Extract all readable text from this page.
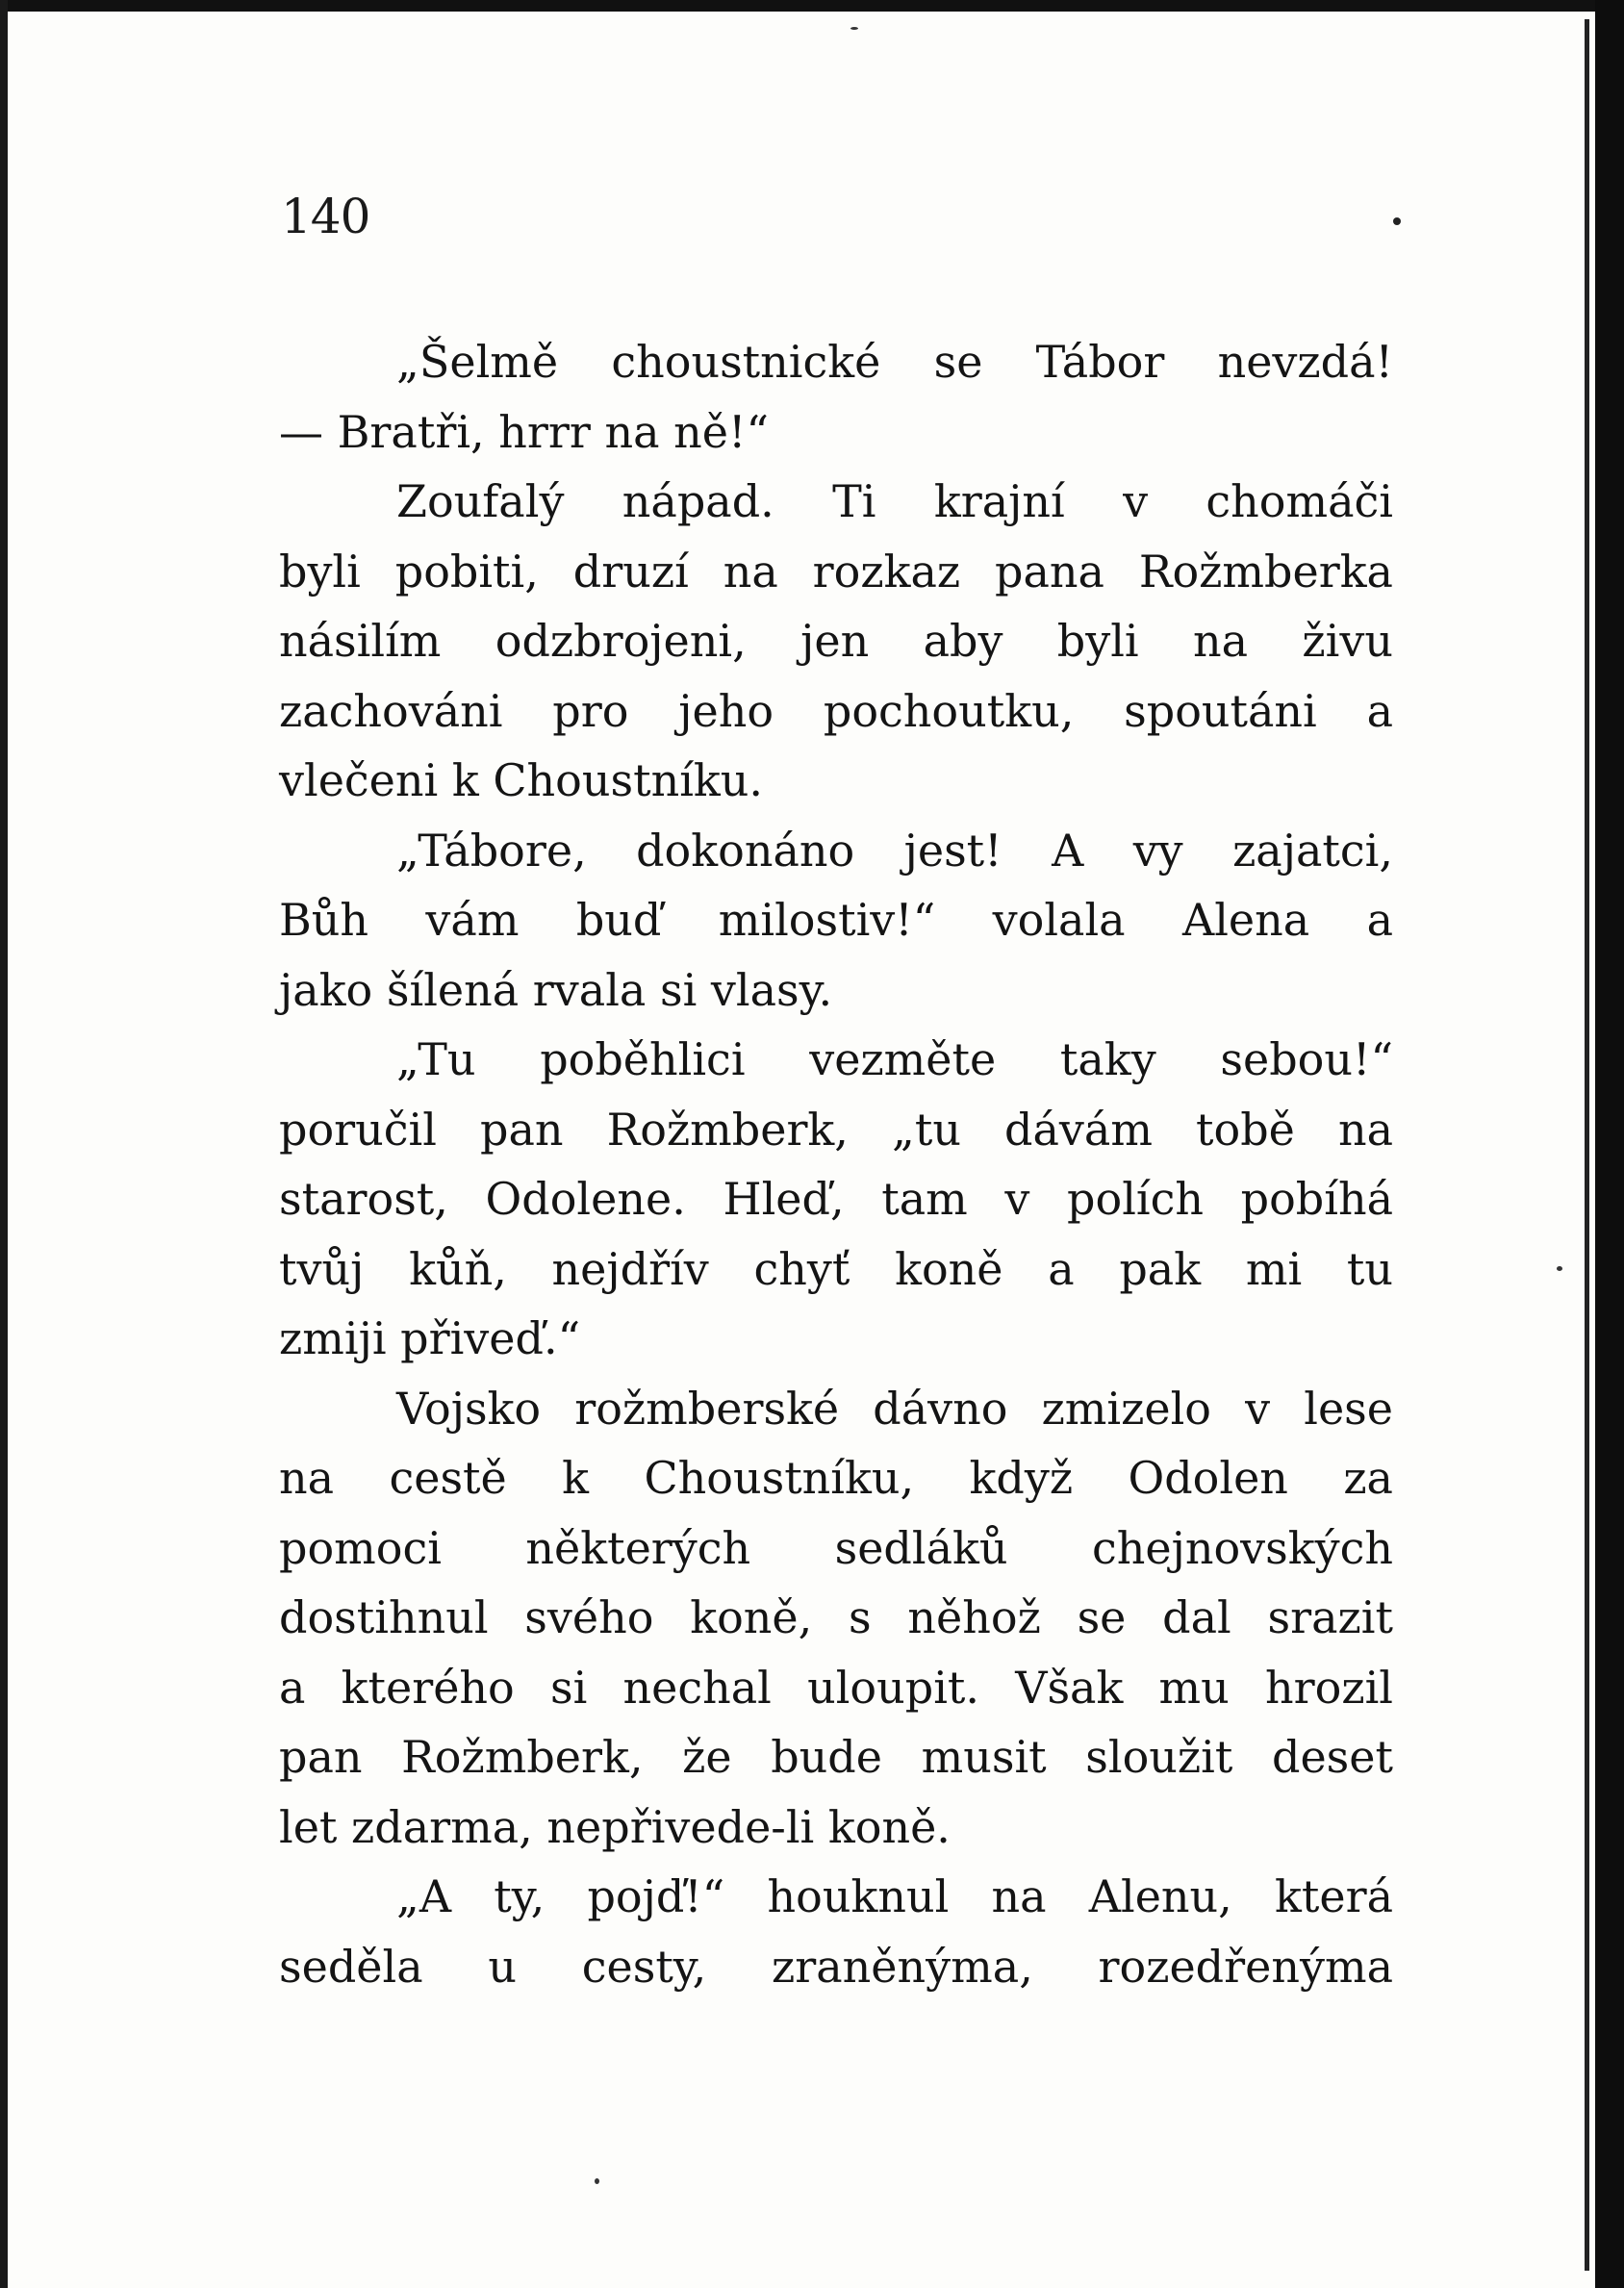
140
„Šelmě choustnické se Tábor nevzdá!
— Bratři, hrrr na ně!“
Zoufalý nápad. Ti krajní v chomáči
byli pobiti, druzí na rozkaz pana Rožmberka
násilím odzbrojeni, jen aby byli na živu
zachováni pro jeho pochoutku, spoutáni a
vlečeni k Choustníku.
„Tábore, dokonáno jest! A vy zajatci,
Bůh vám buď milostiv!“ volala Alena a
jako šílená rvala si vlasy.
„Tu poběhlici vezměte taky sebou!“
poručil pan Rožmberk, „tu dávám tobě na
starost, Odolene. Hleď, tam v polích pobíhá
tvůj kůň, nejdřív chyť koně a pak mi tu
zmiji přiveď.“
Vojsko rožmberské dávno zmizelo v lese
na cestě k Choustníku, když Odolen za
pomoci některých sedláků chejnovských
dostihnul svého koně, s něhož se dal srazit
a kterého si nechal uloupit. Však mu hrozil
pan Rožmberk, že bude musit sloužit deset
let zdarma, nepřivede-li koně.
„A ty, pojď!“ houknul na Alenu, která
seděla u cesty, zraněnýma, rozedřenýma
